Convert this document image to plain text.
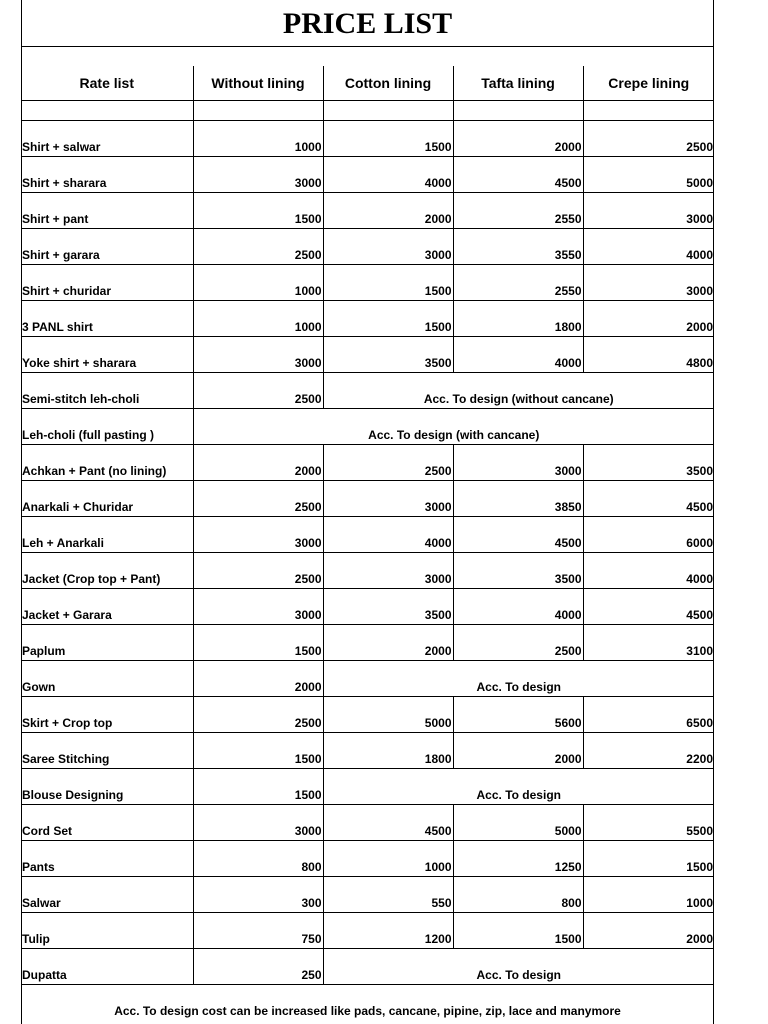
PRICE LIST
Rate list	Without lining	Cotton lining	Tafta lining	Crepe lining

Shirt + salwar	1000	1500	2000	2500
Shirt + sharara	3000	4000	4500	5000
Shirt + pant	1500	2000	2550	3000
Shirt + garara	2500	3000	3550	4000
Shirt + churidar	1000	1500	2550	3000
3 PANL shirt	1000	1500	1800	2000
Yoke shirt + sharara	3000	3500	4000	4800
Semi-stitch leh-choli	2500	Acc. To design (without cancane)		
Leh-choli (full pasting )	Acc. To design (with cancane)			
Achkan + Pant (no lining)	2000	2500	3000	3500
Anarkali + Churidar	2500	3000	3850	4500
Leh + Anarkali	3000	4000	4500	6000
Jacket (Crop top + Pant)	2500	3000	3500	4000
Jacket + Garara	3000	3500	4000	4500
Paplum	1500	2000	2500	3100
Gown	2000	Acc. To design		
Skirt + Crop top	2500	5000	5600	6500
Saree Stitching	1500	1800	2000	2200
Blouse Designing	1500	Acc. To design		
Cord Set	3000	4500	5000	5500
Pants	800	1000	1250	1500
Salwar	300	550	800	1000
Tulip	750	1200	1500	2000
Dupatta	250	Acc. To design		
Acc. To design cost can be increased like pads, cancane, pipine, zip, lace and manymore
